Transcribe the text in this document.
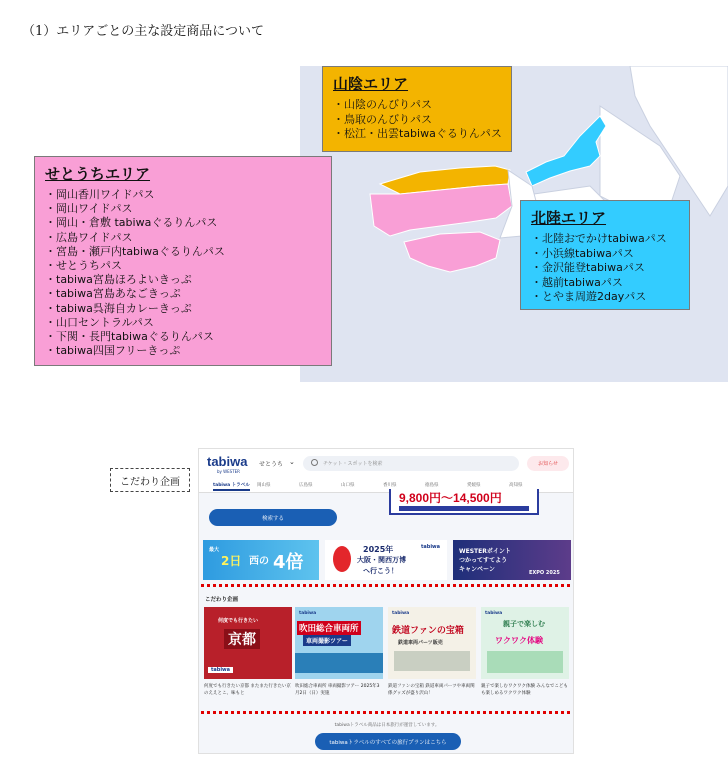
（1）エリアごとの主な設定商品について
山陰エリア
・ 山陰のんびりパス
・ 鳥取のんびりパス
・ 松江・出雲tabiwaぐるりんパス
せとうちエリア
・ 岡山香川ワイドパス
・ 岡山ワイドパス
・ 岡山・倉敷 tabiwaぐるりんパス
・ 広島ワイドパス
・ 宮島・瀬戸内tabiwaぐるりんパス
・ せとうちパス
・ tabiwa宮島ほろよいきっぷ
・ tabiwa宮島あなごきっぷ
・ tabiwa呉海自カレーきっぷ
・ 山口セントラルパス
・ 下関・長門tabiwaぐるりんパス
・ tabiwa四国フリーきっぷ
北陸エリア
・ 北陸おでかけtabiwaパス
・ 小浜線tabiwaパス
・ 金沢能登tabiwaパス
・ 越前tabiwaパス
・ とやま周遊2dayパス
こだわり企画
tabiwa
by WESTER
せとうち ⌄	チケット・スポットを検索	お知らせ
tabiwa トラベル 岡山県	広島県	山口県	香川県	徳島県	愛媛県	高知県
9,800円～14,500円
検索する
最大
2日 西の 4倍
2025年
大阪・関西万博
へ行こう！
tabiwa
WESTERポイント
つかってすてよう
キャンペーン	EXPO 2025
こだわり企画
何度でも行きたい
京都
tabiwa
吹田総合車両所
車両撮影ツアー
tabiwa
鉄道ファンの宝箱
鉄道車両パーツ販売
tabiwa
親子で楽しむ
ワクワク体験
tabiwa
何度でも行きたい京都 またまた行きたい京のええとこ、味もと
吹田総合車両所 車両撮影ツアー 2025年3月2日（日）実施
鉄道ファンの宝箱 鉄道車両パーツや車両関係グッズが盛り沢山！
親子で楽しむワクワク体験 みんなでこどもも楽しめるワクワク体験
tabiwaトラベル商品は日本旅行が運営しています。
tabiwaトラベルのすべての旅行プランはこちら
